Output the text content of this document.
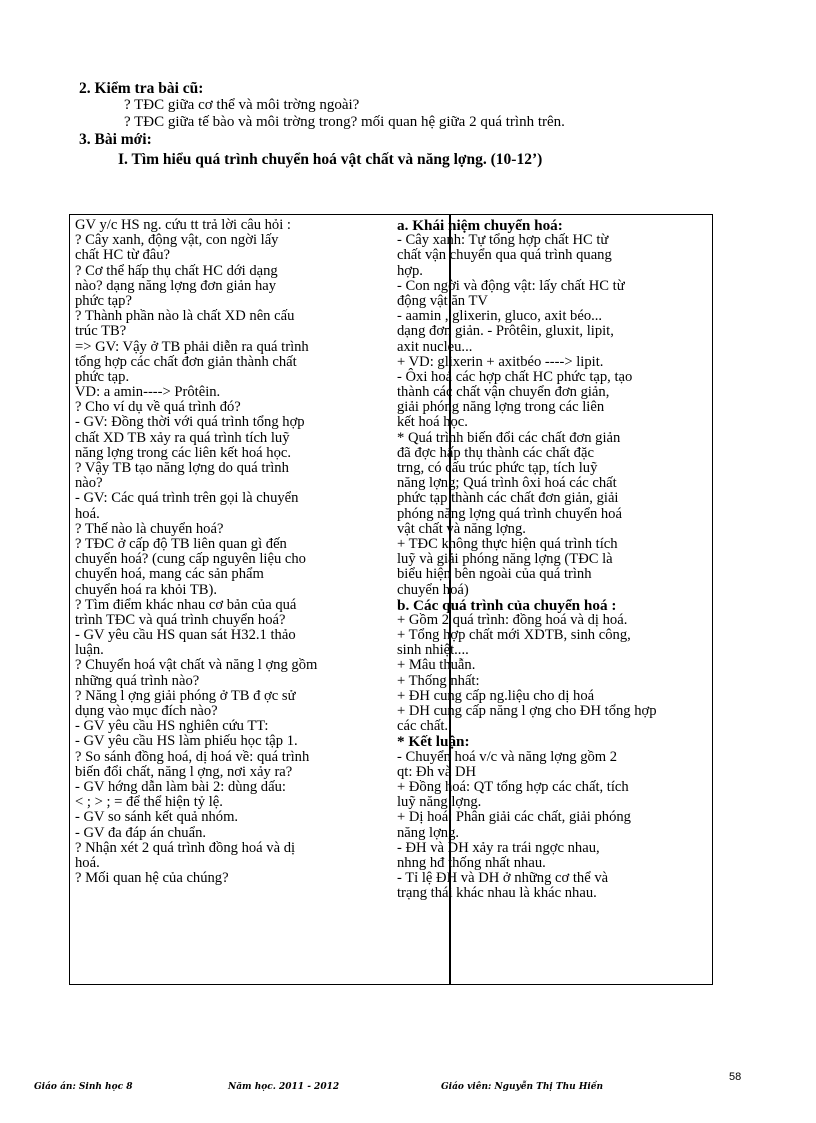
2. Kiểm tra bài cũ:
? TĐC giữa cơ thể và môi trờng ngoài?
? TĐC giữa tế bào và môi trờng trong? mối quan hệ giữa 2 quá trình trên.
3. Bài mới:
I. Tìm hiểu quá trình chuyển hoá vật chất và năng lợng. (10-12’)
GV y/c HS ng. cứu tt trả lời câu hỏi :
? Cây xanh, động vật, con ngời lấy
chất HC từ đâu?
? Cơ thể hấp thụ chất HC dới dạng
nào? dạng năng lợng đơn giản hay
phức tạp?
? Thành phần nào là chất XD nên cấu
trúc TB?
=> GV: Vậy ở TB phải diễn ra quá trình
tổng hợp các chất đơn giản thành chất
phức tạp.
VD: a amin----> Prôtêin.
? Cho ví dụ về quá trình đó?
- GV: Đồng thời với quá trình tổng hợp
chất XD TB xảy ra quá trình tích luỹ
năng lợng trong các liên kết hoá học.
? Vậy TB tạo năng lợng do quá trình
nào?
- GV: Các quá trình trên gọi là chuyển
hoá.
? Thế nào là chuyển hoá?
? TĐC ở cấp độ TB liên quan gì đến
chuyển hoá? (cung cấp nguyên liệu cho
chuyển hoá, mang các sản phẩm
chuyển hoá ra khỏi TB).
? Tìm điểm khác nhau cơ bản của quá
trình TĐC và quá trình chuyển hoá?
- GV yêu cầu HS quan sát H32.1 thảo
luận.
? Chuyển hoá vật chất và năng l ợng gồm
những quá trình nào?
? Năng l ợng giải phóng ở TB đ ợc sử
dụng vào mục đích nào?
- GV yêu cầu HS nghiên cứu TT:
- GV yêu cầu HS làm phiếu học tập 1.
? So sánh đồng hoá, dị hoá về: quá trình
biến đổi chất, năng l ợng, nơi xảy ra?
- GV hớng dẫn làm bài 2: dùng dấu:
< ; > ; = để thể hiện tỷ lệ.
- GV so sánh kết quả nhóm.
- GV đa đáp án chuẩn.
? Nhận xét 2 quá trình đồng hoá và dị
hoá.
? Mối quan hệ của chúng?
a. Khái niệm chuyển hoá:
- Cây xanh: Tự tổng hợp chất HC từ
chất vận chuyển qua quá trình quang
hợp.
- Con ngời và động vật: lấy chất HC từ
động vật ăn TV
- aamin , glixerin, gluco, axit béo...
dạng đơn giản. - Prôtêin, gluxit, lipit,
axit nucleu...
+ VD: glixerin + axitbéo ----> lipit.
- Ôxi hoá các hợp chất HC phức tạp, tạo
thành các chất vận chuyển đơn giản,
giải phóng năng lợng trong các liên
kết hoá học.
* Quá trình biến đổi các chất đơn giản
đã đợc hấp thụ thành các chất đặc
trng, có cấu trúc phức tạp, tích luỹ
năng lợng; Quá trình ôxi hoá các chất
phức tạp thành các chất đơn giản, giải
phóng năng lợng quá trình chuyển hoá
vật chất và năng lợng.
+ TĐC không thực hiện quá trình tích
luỹ và giải phóng năng lợng (TĐC là
biểu hiện bên ngoài của quá trình
chuyển hoá)
b. Các quá trình của chuyển hoá :
+ Gồm 2 quá trình: đồng hoá và dị hoá.
+ Tổng hợp chất mới XDTB, sinh công,
sinh nhiệt....
+ Mâu thuẫn.
+ Thống nhất:
+ ĐH cung cấp ng.liệu cho dị hoá
+ DH cung cấp năng l ợng cho ĐH tổng hợp
các chất.
* Kết luận:
- Chuyển hoá v/c và năng lợng gồm 2
qt: Đh và DH
+ Đồng hoá: QT tổng hợp các chất, tích
luỹ năng lợng.
+ Dị hoá: Phân giải các chất, giải phóng
năng lợng.
- ĐH và DH xảy ra trái ngợc nhau,
nhng hđ thống nhất nhau.
- Tỉ lệ ĐH và DH ở những cơ thể và
trạng thái khác nhau là khác nhau.
58
Giáo án: Sinh học 8	Năm học. 2011 - 2012	Giáo viên: Nguyễn Thị Thu Hiền
